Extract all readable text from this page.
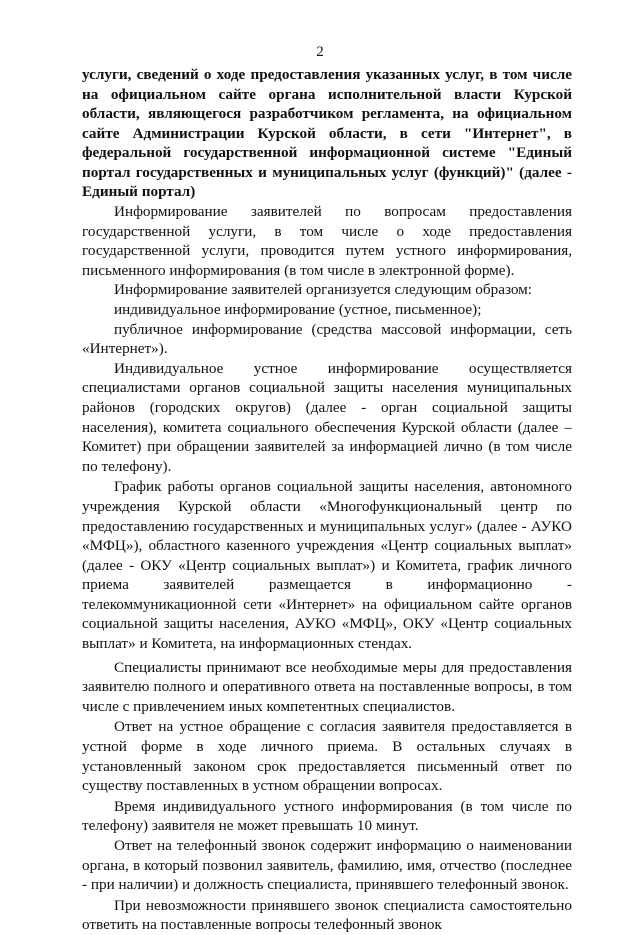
2
услуги, сведений о ходе предоставления указанных услуг, в том числе на официальном сайте органа исполнительной власти Курской области, являющегося разработчиком регламента, на официальном сайте Администрации Курской области, в сети "Интернет", в федеральной государственной информационной системе "Единый портал государственных и муниципальных услуг (функций)" (далее - Единый портал)

Информирование заявителей по вопросам предоставления государственной услуги, в том числе о ходе предоставления государственной услуги, проводится путем устного информирования, письменного информирования (в том числе в электронной форме).

Информирование заявителей организуется следующим образом:

индивидуальное информирование (устное, письменное);

публичное информирование (средства массовой информации, сеть «Интернет»).

Индивидуальное устное информирование осуществляется специалистами органов социальной защиты населения муниципальных районов (городских округов) (далее - орган социальной защиты населения), комитета социального обеспечения Курской области (далее – Комитет) при обращении заявителей за информацией лично (в том числе по телефону).

График работы органов социальной защиты населения, автономного учреждения Курской области «Многофункциональный центр по предоставлению государственных и муниципальных услуг» (далее - АУКО «МФЦ»), областного казенного учреждения «Центр социальных выплат» (далее - ОКУ «Центр социальных выплат») и Комитета, график личного приема заявителей размещается в информационно - телекоммуникационной сети «Интернет» на официальном сайте органов социальной защиты населения, АУКО «МФЦ», ОКУ «Центр социальных выплат» и Комитета, на информационных стендах.

Специалисты принимают все необходимые меры для предоставления заявителю полного и оперативного ответа на поставленные вопросы, в том числе с привлечением иных компетентных специалистов.

Ответ на устное обращение с согласия заявителя предоставляется в устной форме в ходе личного приема. В остальных случаях в установленный законом срок предоставляется письменный ответ по существу поставленных в устном обращении вопросах.

Время индивидуального устного информирования (в том числе по телефону) заявителя не может превышать 10 минут.

Ответ на телефонный звонок содержит информацию о наименовании органа, в который позвонил заявитель, фамилию, имя, отчество (последнее - при наличии) и должность специалиста, принявшего телефонный звонок.

При невозможности принявшего звонок специалиста самостоятельно ответить на поставленные вопросы телефонный звонок
